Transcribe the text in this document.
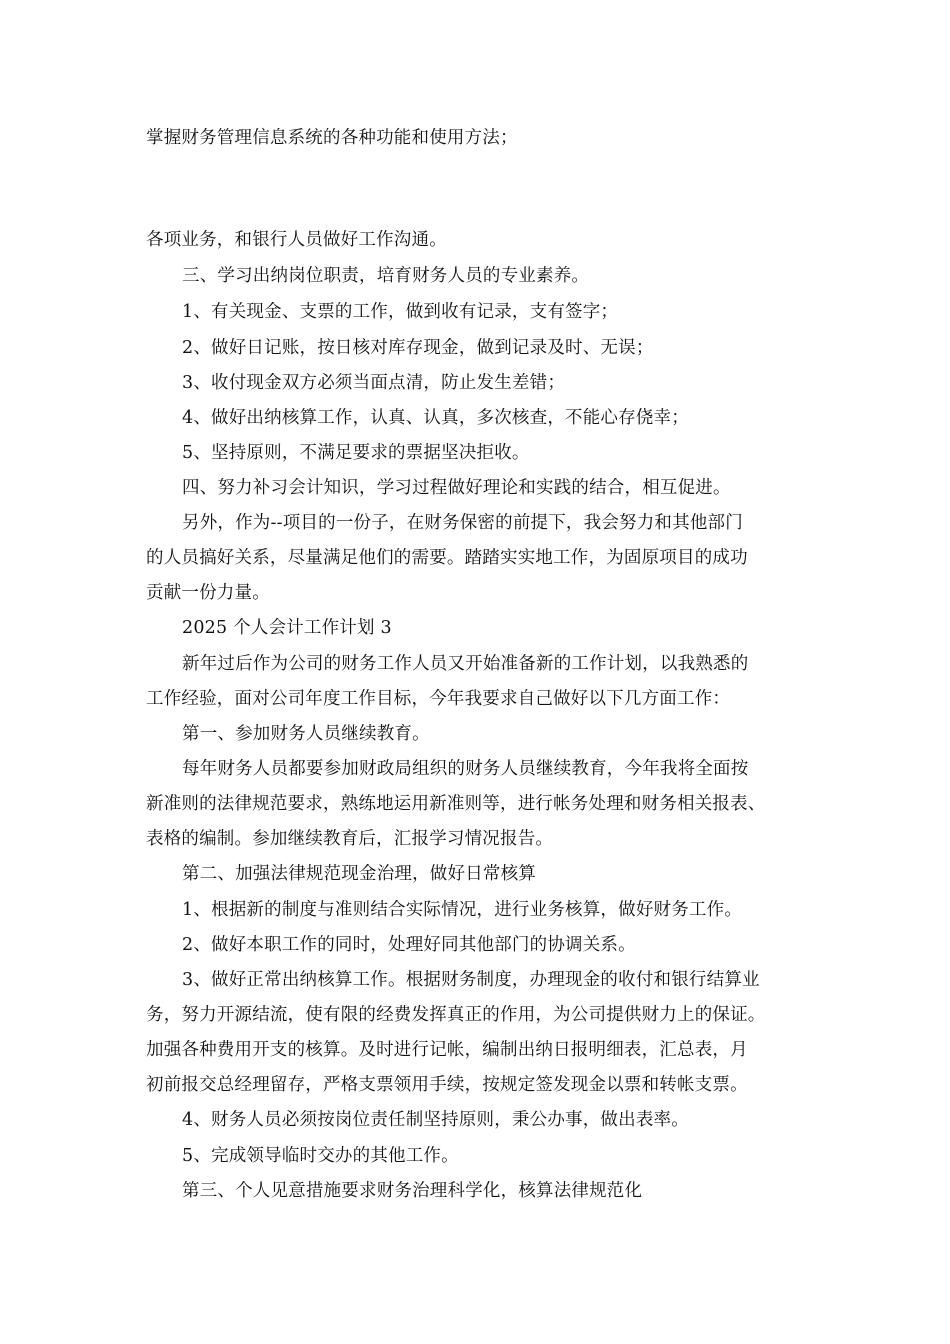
掌握财务管理信息系统的各种功能和使用方法；
各项业务，和银行人员做好工作沟通。
三、学习出纳岗位职责，培育财务人员的专业素养。
1、有关现金、支票的工作，做到收有记录，支有签字；
2、做好日记账，按日核对库存现金，做到记录及时、无误；
3、收付现金双方必须当面点清，防止发生差错；
4、做好出纳核算工作，认真、认真，多次核查，不能心存侥幸；
5、坚持原则，不满足要求的票据坚决拒收。
四、努力补习会计知识，学习过程做好理论和实践的结合，相互促进。
另外，作为--项目的一份子，在财务保密的前提下，我会努力和其他部门
的人员搞好关系，尽量满足他们的需要。踏踏实实地工作，为固原项目的成功
贡献一份力量。
2025 个人会计工作计划 3
新年过后作为公司的财务工作人员又开始准备新的工作计划，以我熟悉的
工作经验，面对公司年度工作目标，今年我要求自己做好以下几方面工作：
第一、参加财务人员继续教育。
每年财务人员都要参加财政局组织的财务人员继续教育，今年我将全面按
新准则的法律规范要求，熟练地运用新准则等，进行帐务处理和财务相关报表、
表格的编制。参加继续教育后，汇报学习情况报告。
第二、加强法律规范现金治理，做好日常核算
1、根据新的制度与准则结合实际情况，进行业务核算，做好财务工作。
2、做好本职工作的同时，处理好同其他部门的协调关系。
3、做好正常出纳核算工作。根据财务制度，办理现金的收付和银行结算业
务，努力开源结流，使有限的经费发挥真正的作用，为公司提供财力上的保证。
加强各种费用开支的核算。及时进行记帐，编制出纳日报明细表，汇总表，月
初前报交总经理留存，严格支票领用手续，按规定签发现金以票和转帐支票。
4、财务人员必须按岗位责任制坚持原则，秉公办事，做出表率。
5、完成领导临时交办的其他工作。
第三、个人见意措施要求财务治理科学化，核算法律规范化
